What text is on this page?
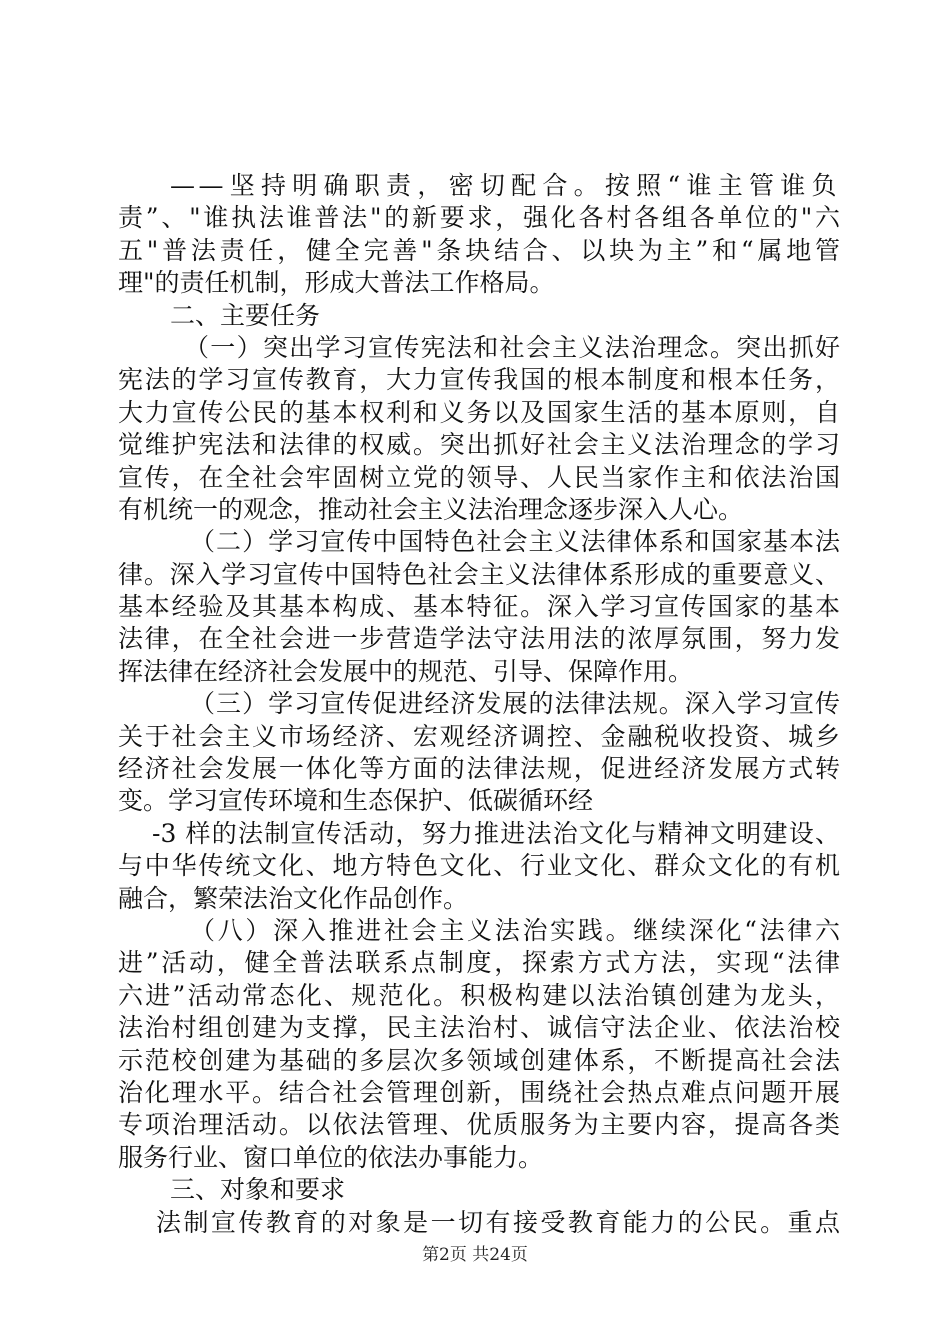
——坚持明确职责，密切配合。按照“谁主管谁负
责”、"谁执法谁普法"的新要求，强化各村各组各单位的"六
五"普法责任，健全完善"条块结合、以块为主”和“属地管
理"的责任机制，形成大普法工作格局。
二、主要任务
（一）突出学习宣传宪法和社会主义法治理念。突出抓好
宪法的学习宣传教育，大力宣传我国的根本制度和根本任务，
大力宣传公民的基本权利和义务以及国家生活的基本原则，自
觉维护宪法和法律的权威。突出抓好社会主义法治理念的学习
宣传，在全社会牢固树立党的领导、人民当家作主和依法治国
有机统一的观念，推动社会主义法治理念逐步深入人心。
（二）学习宣传中国特色社会主义法律体系和国家基本法
律。深入学习宣传中国特色社会主义法律体系形成的重要意义、
基本经验及其基本构成、基本特征。深入学习宣传国家的基本
法律，在全社会进一步营造学法守法用法的浓厚氛围，努力发
挥法律在经济社会发展中的规范、引导、保障作用。
（三）学习宣传促进经济发展的法律法规。深入学习宣传
关于社会主义市场经济、宏观经济调控、金融税收投资、城乡
经济社会发展一体化等方面的法律法规，促进经济发展方式转
变。学习宣传环境和生态保护、低碳循环经
-3 样的法制宣传活动，努力推进法治文化与精神文明建设、
与中华传统文化、地方特色文化、行业文化、群众文化的有机
融合，繁荣法治文化作品创作。
（八）深入推进社会主义法治实践。继续深化“法律六
进”活动，健全普法联系点制度，探索方式方法，实现“法律
六进”活动常态化、规范化。积极构建以法治镇创建为龙头，
法治村组创建为支撑，民主法治村、诚信守法企业、依法治校
示范校创建为基础的多层次多领域创建体系，不断提高社会法
治化理水平。结合社会管理创新，围绕社会热点难点问题开展
专项治理活动。以依法管理、优质服务为主要内容，提高各类
服务行业、窗口单位的依法办事能力。
三、对象和要求
法制宣传教育的对象是一切有接受教育能力的公民。重点
第2页 共24页
